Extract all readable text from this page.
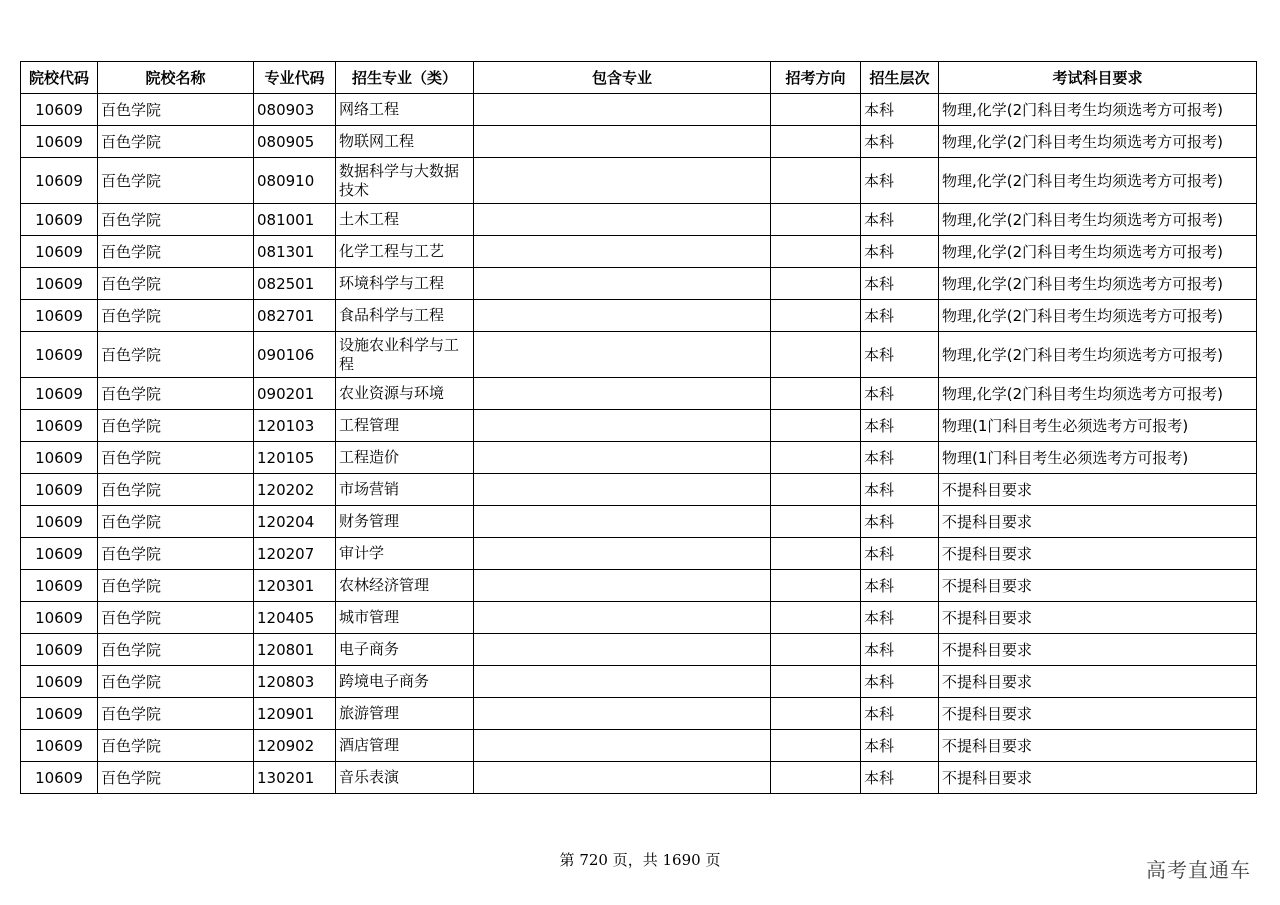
院校代码	院校名称	专业代码	招生专业（类）	包含专业	招考方向	招生层次	考试科目要求
10609	百色学院	080903	网络工程			本科	物理,化学(2门科目考生均须选考方可报考)
10609	百色学院	080905	物联网工程			本科	物理,化学(2门科目考生均须选考方可报考)
10609	百色学院	080910	数据科学与大数据技术			本科	物理,化学(2门科目考生均须选考方可报考)
10609	百色学院	081001	土木工程			本科	物理,化学(2门科目考生均须选考方可报考)
10609	百色学院	081301	化学工程与工艺			本科	物理,化学(2门科目考生均须选考方可报考)
10609	百色学院	082501	环境科学与工程			本科	物理,化学(2门科目考生均须选考方可报考)
10609	百色学院	082701	食品科学与工程			本科	物理,化学(2门科目考生均须选考方可报考)
10609	百色学院	090106	设施农业科学与工程			本科	物理,化学(2门科目考生均须选考方可报考)
10609	百色学院	090201	农业资源与环境			本科	物理,化学(2门科目考生均须选考方可报考)
10609	百色学院	120103	工程管理			本科	物理(1门科目考生必须选考方可报考)
10609	百色学院	120105	工程造价			本科	物理(1门科目考生必须选考方可报考)
10609	百色学院	120202	市场营销			本科	不提科目要求
10609	百色学院	120204	财务管理			本科	不提科目要求
10609	百色学院	120207	审计学			本科	不提科目要求
10609	百色学院	120301	农林经济管理			本科	不提科目要求
10609	百色学院	120405	城市管理			本科	不提科目要求
10609	百色学院	120801	电子商务			本科	不提科目要求
10609	百色学院	120803	跨境电子商务			本科	不提科目要求
10609	百色学院	120901	旅游管理			本科	不提科目要求
10609	百色学院	120902	酒店管理			本科	不提科目要求
10609	百色学院	130201	音乐表演			本科	不提科目要求
第 720 页，共 1690 页	高考直通车
